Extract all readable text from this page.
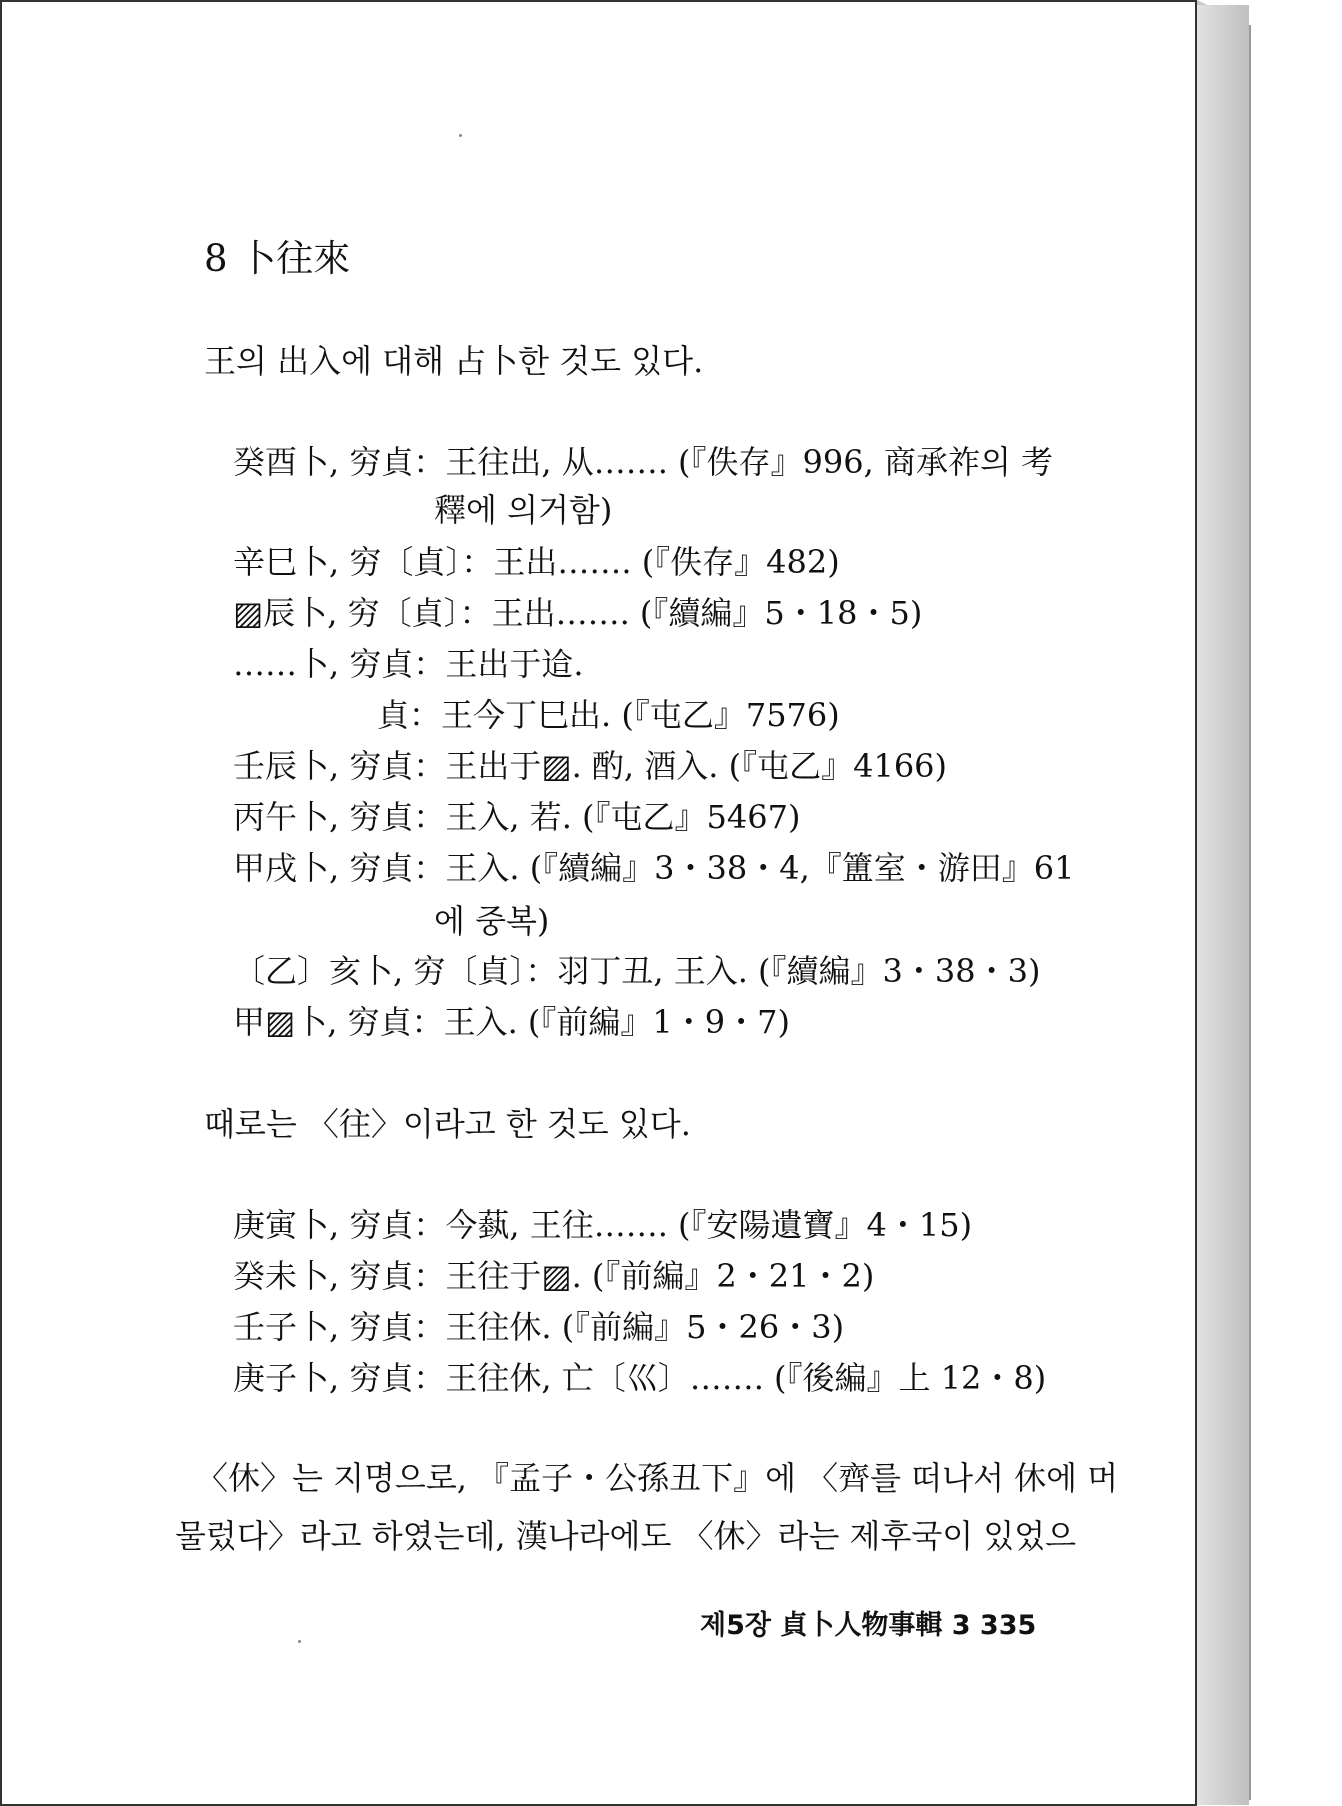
8 卜往來
王의 出入에 대해 占卜한 것도 있다.
癸酉卜, 穷貞：王往出, 从……. (『佚存』996, 商承祚의 考
釋에 의거함)
辛巳卜, 穷〔貞〕：王出……. (『佚存』482)
▨辰卜, 穷〔貞〕：王出……. (『續編』5・18・5)
……卜, 穷貞：王出于䢔.
貞：王今丁巳出. (『屯乙』7576)
壬辰卜, 穷貞：王出于▨. 酌, 酒入. (『屯乙』4166)
丙午卜, 穷貞：王入, 若. (『屯乙』5467)
甲戌卜, 穷貞：王入. (『續編』3・38・4,『簠室・游田』61
에 중복)
〔乙〕亥卜, 穷〔貞〕：羽丁丑, 王入. (『續編』3・38・3)
甲▨卜, 穷貞：王入. (『前編』1・9・7)
때로는 〈往〉이라고 한 것도 있다.
庚寅卜, 穷貞：今蓺, 王往……. (『安陽遺寶』4・15)
癸未卜, 穷貞：王往于▨. (『前編』2・21・2)
壬子卜, 穷貞：王往休. (『前編』5・26・3)
庚子卜, 穷貞：王往休, 亡〔巛〕……. (『後編』上 12・8)
〈休〉는 지명으로, 『孟子・公孫丑下』에 〈齊를 떠나서 休에 머
물렀다〉라고 하였는데, 漢나라에도 〈休〉라는 제후국이 있었으
제5장 貞卜人物事輯 3 335
